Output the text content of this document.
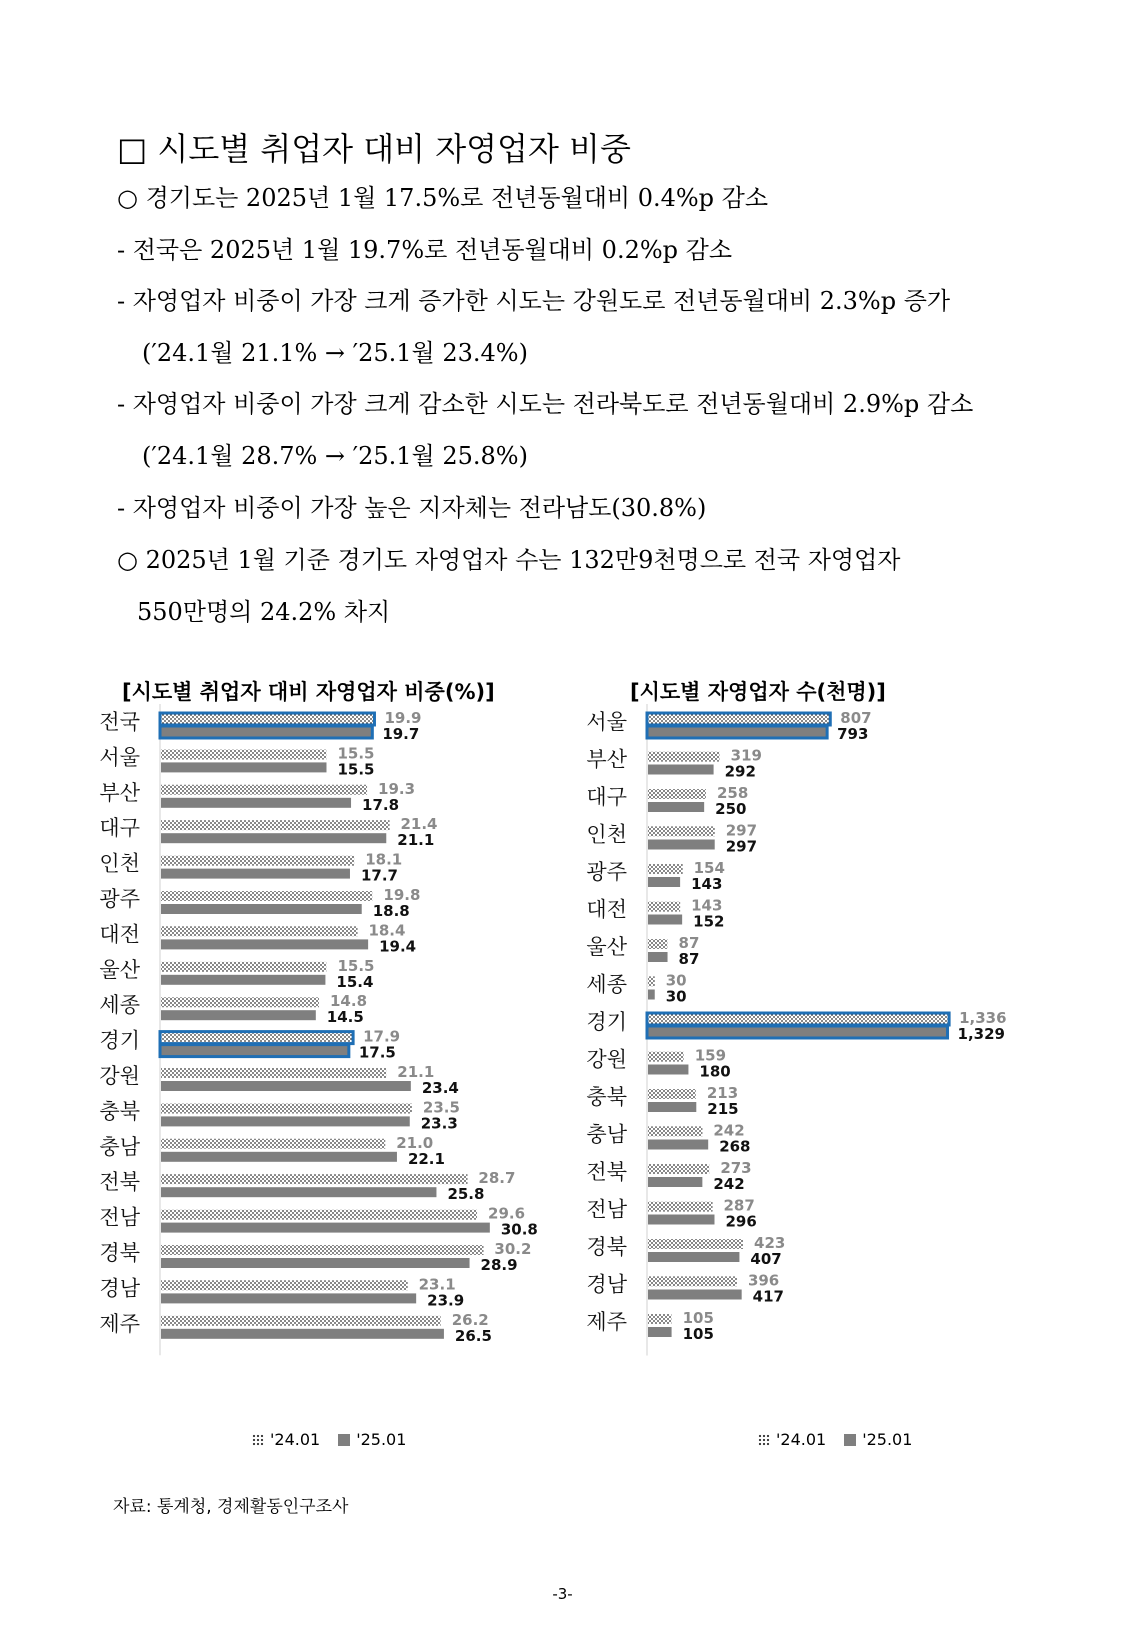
□ 시도별 취업자 대비 자영업자 비중

○ 경기도는 2025년 1월 17.5%로 전년동월대비 0.4%p 감소

- 전국은 2025년 1월 19.7%로 전년동월대비 0.2%p 감소

- 자영업자 비중이 가장 크게 증가한 시도는 강원도로 전년동월대비 2.3%p 증가

(′24.1월 21.1% → ′25.1월 23.4%)

- 자영업자 비중이 가장 크게 감소한 시도는 전라북도로 전년동월대비 2.9%p 감소

(′24.1월 28.7% → ′25.1월 25.8%)

- 자영업자 비중이 가장 높은 지자체는 전라남도(30.8%)

○ 2025년 1월 기준 경기도 자영업자 수는 132만9천명으로 전국 자영업자

550만명의 24.2% 차지

[시도별 취업자 대비 자영업자 비중(%)]	[시도별 자영업자 수(천명)]
전국	19.9
19.7
서울	15.5
15.5
부산	19.3
17.8
대구	21.4
21.1
인천	18.1
17.7
광주	19.8
18.8
대전	18.4
19.4
울산	15.5
15.4
세종	14.8
14.5
경기	17.9
17.5
강원	21.1
23.4
충북	23.5
23.3
충남	21.0
22.1
전북	28.7
25.8
전남	29.6
30.8
경북	30.2
28.9
경남	23.1
23.9
제주	26.2
26.5
서울	807
793
부산	319
292
대구	258
250
인천	297
297
광주	154
143
대전	143
152
울산	87
87
세종	30
30
경기	1,336
1,329
강원	159
180
충북	213
215
충남	242
268
전북	273
242
전남	287
296
경북	423
407
경남	396
417
제주	105
105
'24.01 '25.01	'24.01 '25.01
자료: 통계청, 경제활동인구조사
-3-
